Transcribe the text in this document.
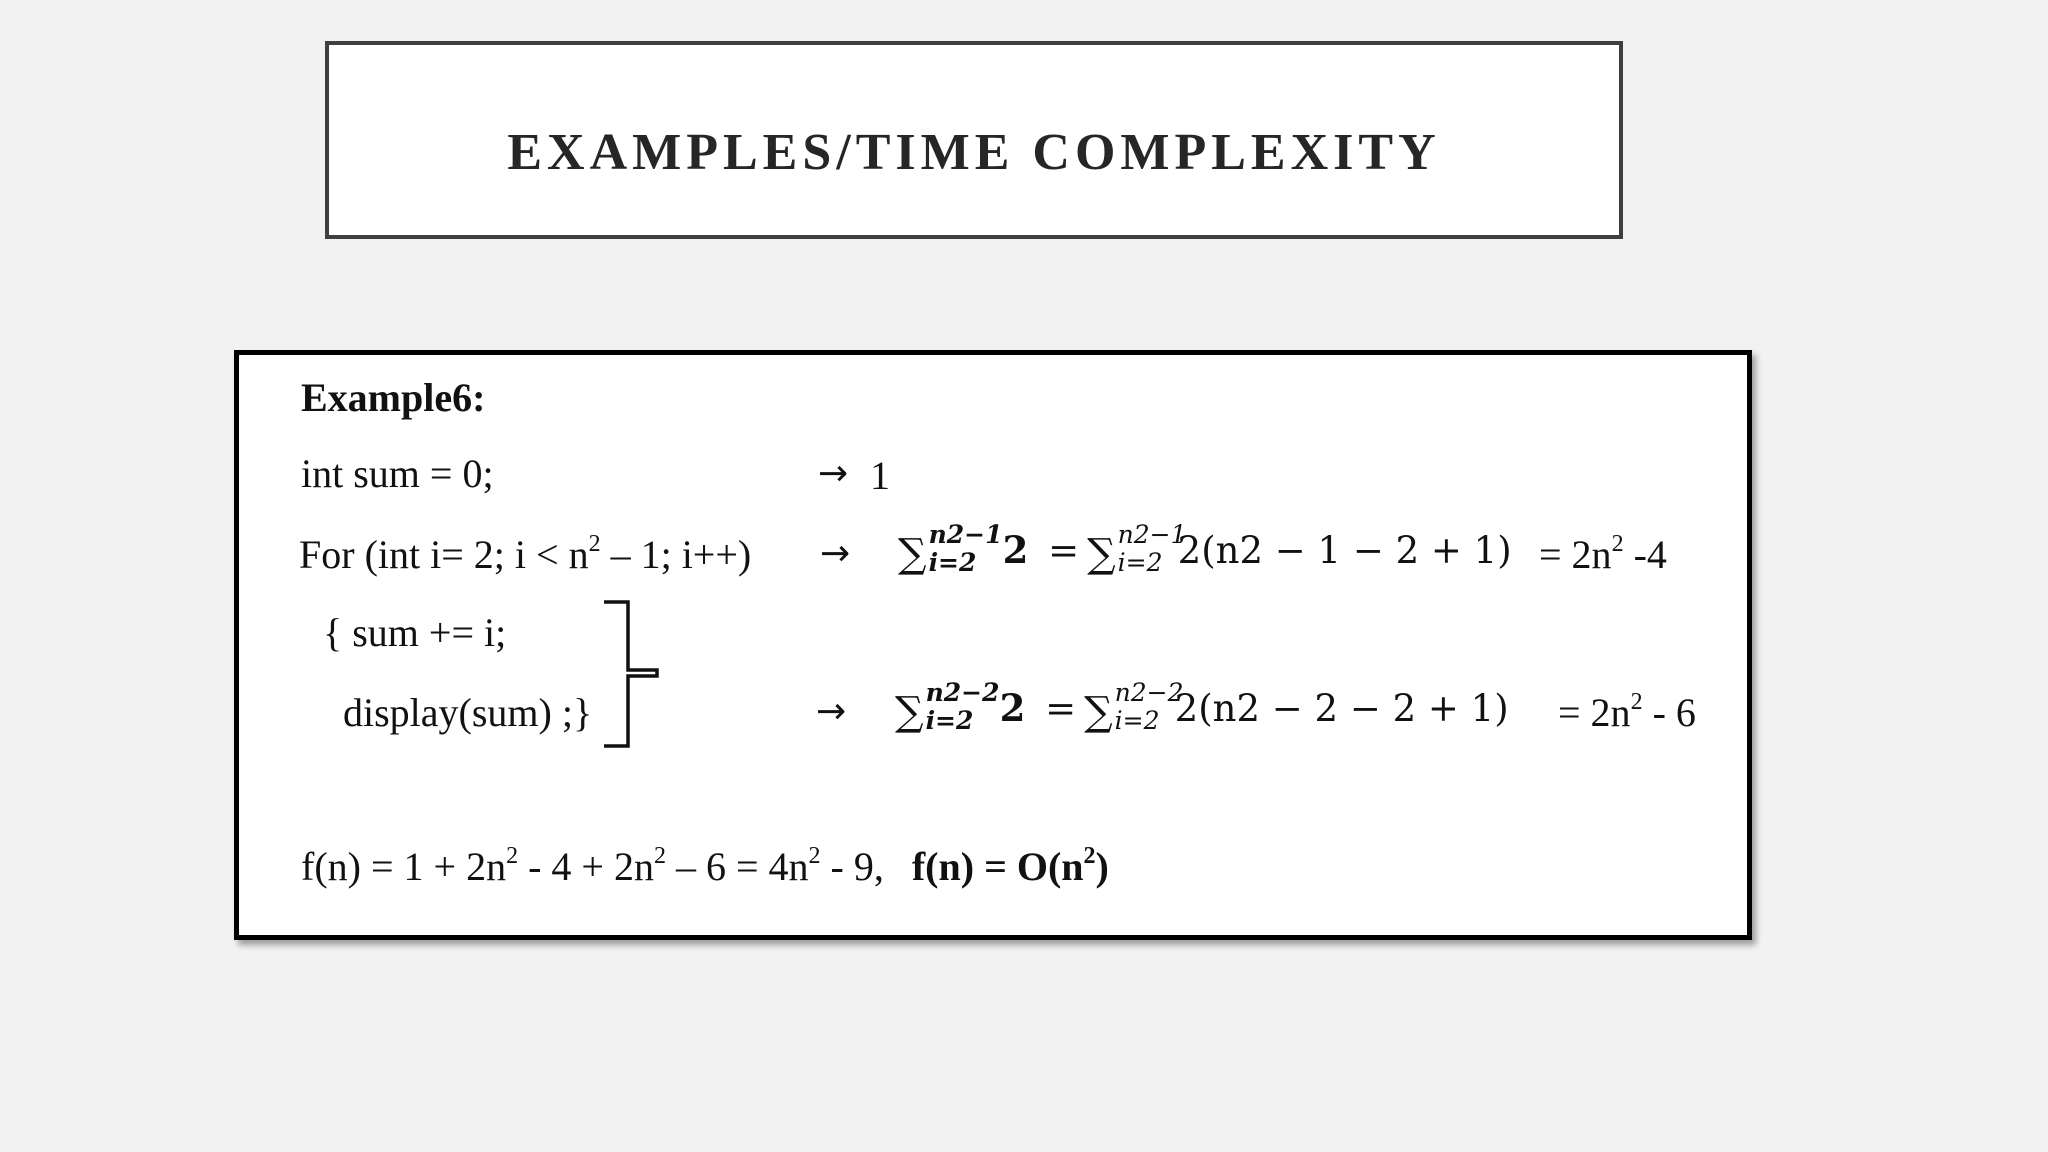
EXAMPLES/TIME COMPLEXITY
Example6:
int sum = 0;	→ 1
For (int i= 2; $i < n^2 - 1$; i++) → ∑ n2−1
i=2 2 = ∑ n2−1
i=2 $2(n2 - 1 - 2 + 1) = 2n^2$ -4
{ sum += i;
display(sum) ;}	→ ∑ n2−2
i=2 2 = ∑ n2−2
i=2 $2(n2 - 2 - 2 + 1) = 2n^2 - 6$
$f(n) = 1 + 2n^2 - 4 + 2n^2 - 6 = 4n^2 - 9$, $f(n) = O(n^2)$
